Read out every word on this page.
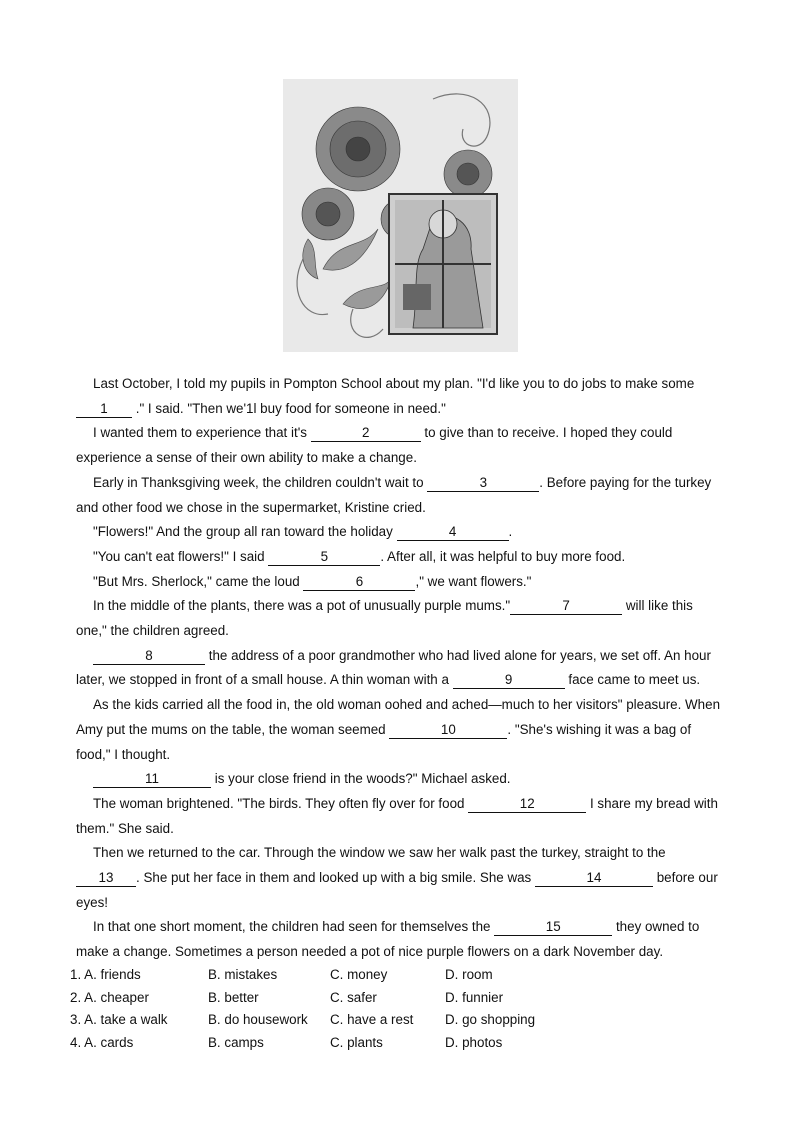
Last October, I told my pupils in Pompton School about my plan. "I'd like you to do jobs to make some 1 ." I said. "Then we'1l buy food for someone in need."

I wanted them to experience that it's	2	to give than to receive. I hoped they could experience a sense of their own ability to make a change.

Early in Thanksgiving week, the children couldn't wait to	3	. Before paying for the turkey and other food we chose in the supermarket, Kristine cried.

"Flowers!" And the group all ran toward the holiday	4	.

"You can't eat flowers!" I said	5	. After all, it was helpful to buy more food.

"But Mrs. Sherlock," came the loud	6	," we want flowers."

In the middle of the plants, there was a pot of unusually purple mums."	7	will like this one," the children agreed.

8	the address of a poor grandmother who had lived alone for years, we set off. An hour later, we stopped in front of a small house. A thin woman with a	9	face came to meet us.

As the kids carried all the food in, the old woman oohed and ached—much to her visitors" pleasure. When Amy put the mums on the table, the woman seemed	10	. "She's wishing it was a bag of food," I thought.

11	is your close friend in the woods?" Michael asked.

The woman brightened. "The birds. They often fly over for food	12	I share my bread with them." She said.

Then we returned to the car. Through the window we saw her walk past the turkey, straight to the 13 . She put her face in them and looked up with a big smile. She was	14	before our eyes!

In that one short moment, the children had seen for themselves the	15	they owned to make a change. Sometimes a person needed a pot of nice purple flowers on a dark November day.

1. A. friends	B. mistakes	C. money	D. room
2. A. cheaper	B. better	C. safer	D. funnier
3. A. take a walk	B. do housework	C. have a rest	D. go shopping
4. A. cards	B. camps	C. plants	D. photos
